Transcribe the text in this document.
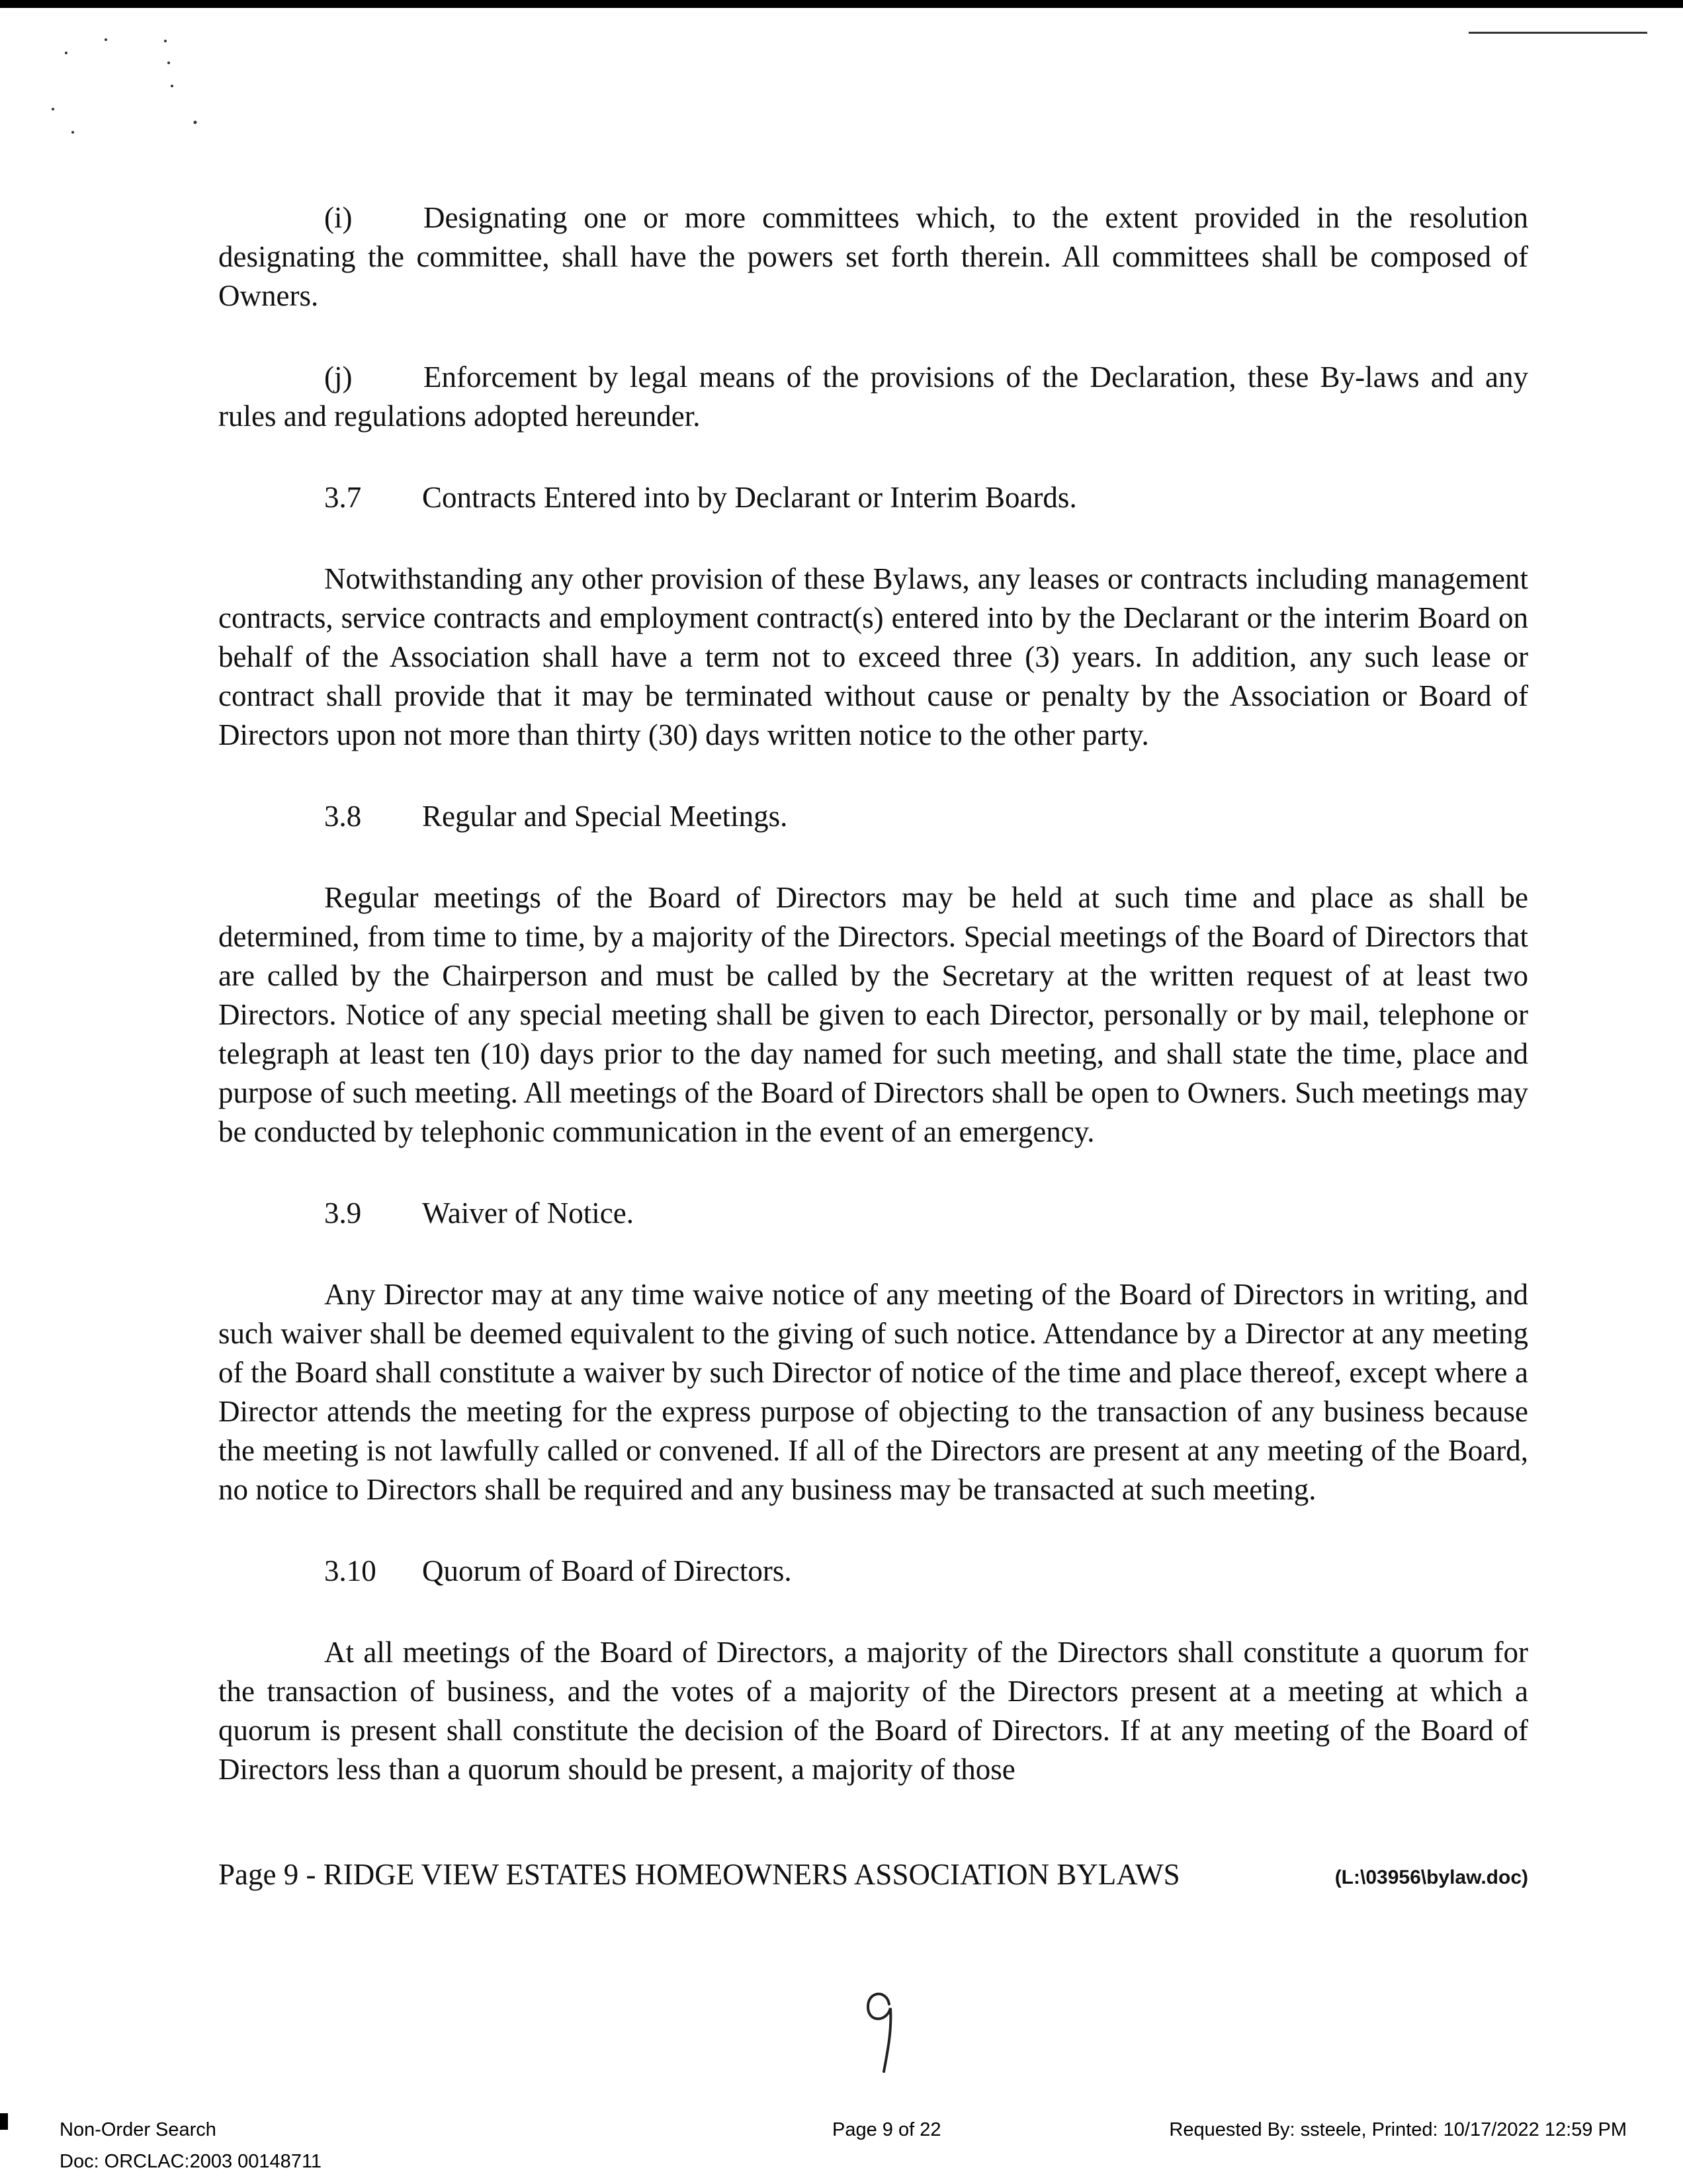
(i) Designating one or more committees which, to the extent provided in the resolution designating the committee, shall have the powers set forth therein. All committees shall be composed of Owners.

(j) Enforcement by legal means of the provisions of the Declaration, these By-laws and any rules and regulations adopted hereunder.

3.7	Contracts Entered into by Declarant or Interim Boards.

Notwithstanding any other provision of these Bylaws, any leases or contracts including management contracts, service contracts and employment contract(s) entered into by the Declarant or the interim Board on behalf of the Association shall have a term not to exceed three (3) years. In addition, any such lease or contract shall provide that it may be terminated without cause or penalty by the Association or Board of Directors upon not more than thirty (30) days written notice to the other party.

3.8	Regular and Special Meetings.

Regular meetings of the Board of Directors may be held at such time and place as shall be determined, from time to time, by a majority of the Directors. Special meetings of the Board of Directors that are called by the Chairperson and must be called by the Secretary at the written request of at least two Directors. Notice of any special meeting shall be given to each Director, personally or by mail, telephone or telegraph at least ten (10) days prior to the day named for such meeting, and shall state the time, place and purpose of such meeting. All meetings of the Board of Directors shall be open to Owners. Such meetings may be conducted by telephonic communication in the event of an emergency.

3.9	Waiver of Notice.

Any Director may at any time waive notice of any meeting of the Board of Directors in writing, and such waiver shall be deemed equivalent to the giving of such notice. Attendance by a Director at any meeting of the Board shall constitute a waiver by such Director of notice of the time and place thereof, except where a Director attends the meeting for the express purpose of objecting to the transaction of any business because the meeting is not lawfully called or convened. If all of the Directors are present at any meeting of the Board, no notice to Directors shall be required and any business may be transacted at such meeting.

3.10	Quorum of Board of Directors.

At all meetings of the Board of Directors, a majority of the Directors shall constitute a quorum for the transaction of business, and the votes of a majority of the Directors present at a meeting at which a quorum is present shall constitute the decision of the Board of Directors. If at any meeting of the Board of Directors less than a quorum should be present, a majority of those

Page 9 - RIDGE VIEW ESTATES HOMEOWNERS ASSOCIATION BYLAWS	(L:\03956\bylaw.doc)
Non-Order Search	Page 9 of 22	Requested By: ssteele, Printed: 10/17/2022 12:59 PM
Doc: ORCLAC:2003 00148711
